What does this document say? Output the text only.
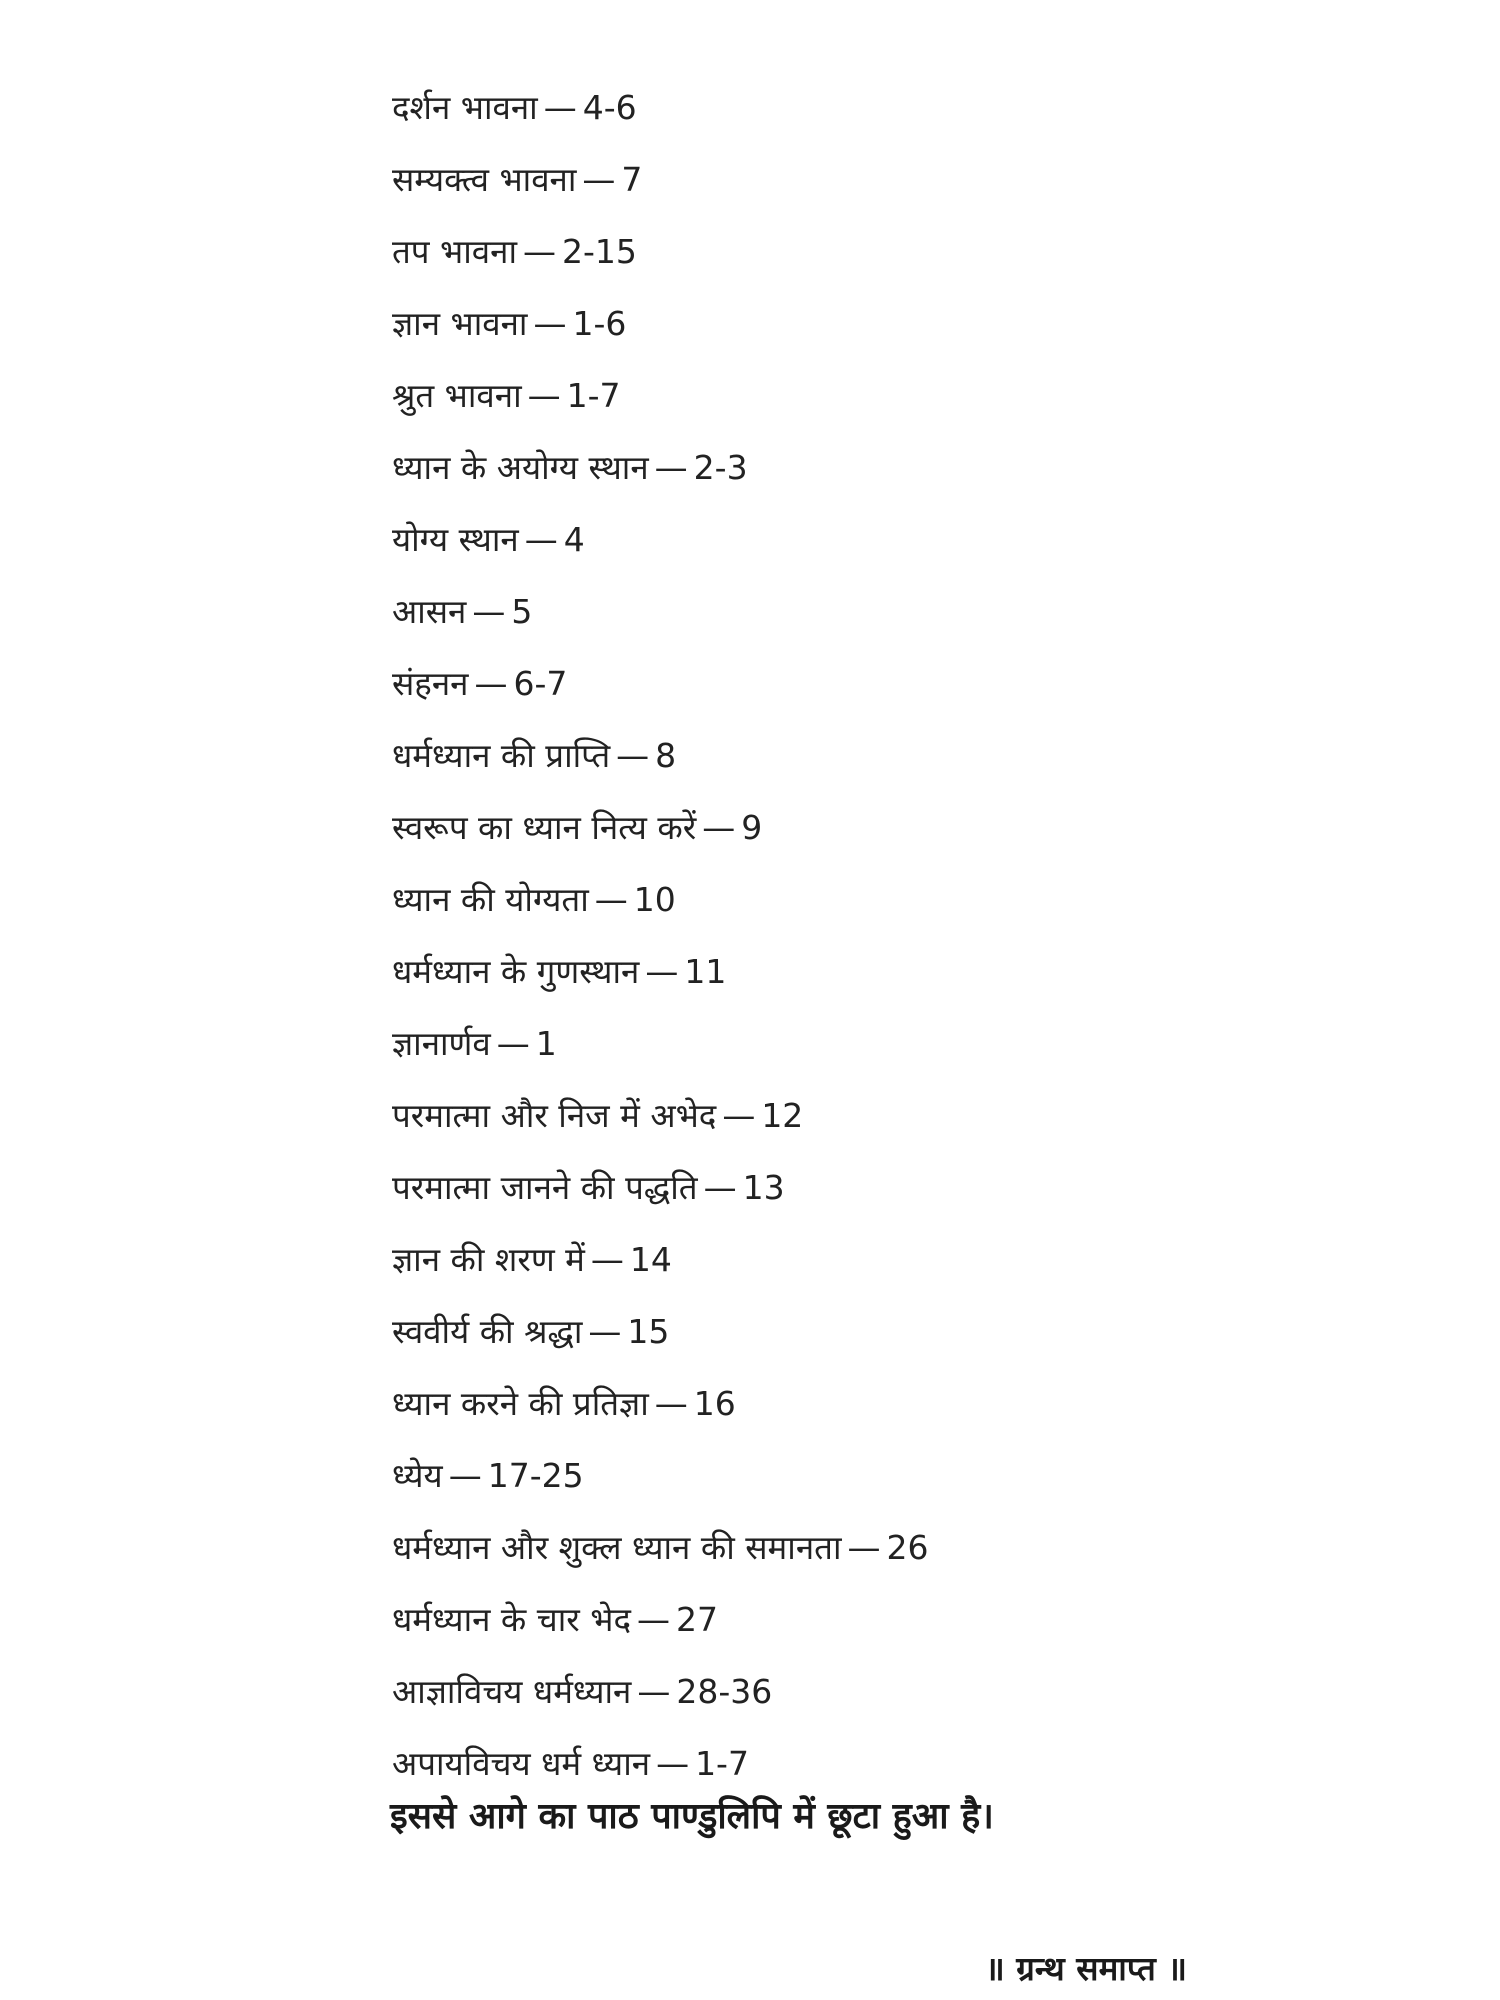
दर्शन भावना — 4-6
सम्यक्त्व भावना — 7
तप भावना — 2-15
ज्ञान भावना — 1-6
श्रुत भावना — 1-7
ध्यान के अयोग्य स्थान — 2-3
योग्य स्थान — 4
आसन — 5
संहनन — 6-7
धर्मध्यान की प्राप्ति — 8
स्वरूप का ध्यान नित्य करें — 9
ध्यान की योग्यता — 10
धर्मध्यान के गुणस्थान — 11
ज्ञानार्णव — 1
परमात्मा और निज में अभेद — 12
परमात्मा जानने की पद्धति — 13
ज्ञान की शरण में — 14
स्ववीर्य की श्रद्धा — 15
ध्यान करने की प्रतिज्ञा — 16
ध्येय — 17-25
धर्मध्यान और शुक्ल ध्यान की समानता — 26
धर्मध्यान के चार भेद — 27
आज्ञाविचय धर्मध्यान — 28-36
अपायविचय धर्म ध्यान — 1-7
इससे आगे का पाठ पाण्डुलिपि में छूटा हुआ है।
॥ ग्रन्थ समाप्त ॥
